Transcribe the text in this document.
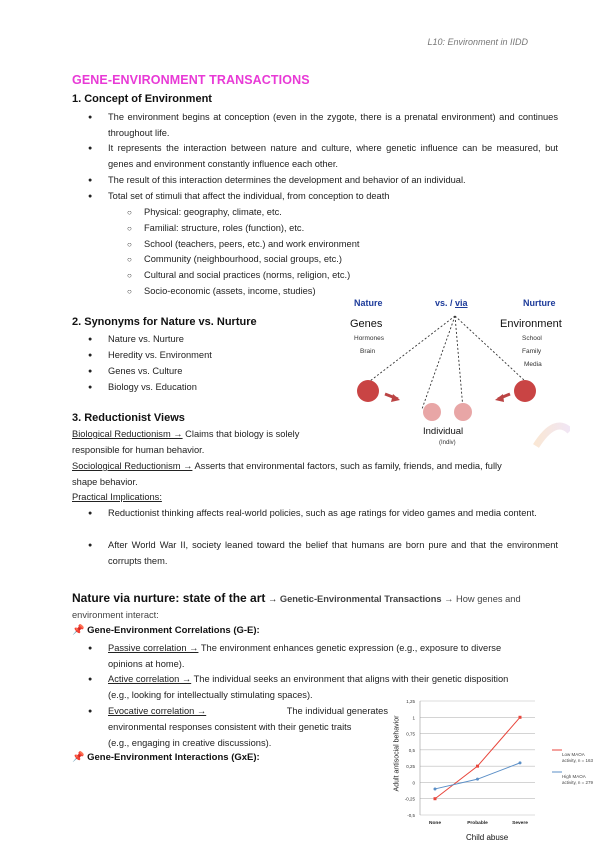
L10: Environment in IIDD
GENE-ENVIRONMENT TRANSACTIONS
1. Concept of Environment
● The environment begins at conception (even in the zygote, there is a prenatal environment) and continues throughout life.
● It represents the interaction between nature and culture, where genetic influence can be measured, but genes and environment constantly influence each other.
● The result of this interaction determines the development and behavior of an individual.
● Total set of stimuli that affect the individual, from conception to death
○ Physical: geography, climate, etc.
○ Familial: structure, roles (function), etc.
○ School (teachers, peers, etc.) and work environment
○ Community (neighbourhood, social groups, etc.)
○ Cultural and social practices (norms, religion, etc.)
○ Socio-economic (assets, income, studies)
2. Synonyms for Nature vs. Nurture
● Nature vs. Nurture
● Heredity vs. Environment
● Genes vs. Culture
● Biology vs. Education
Nature	vs. / via	Nurture
Genes
Hormones
Brain
Environment
School
Family
Media
Individual
(Indiv)
3. Reductionist Views
Biological Reductionism → Claims that biology is solely
responsible for human behavior.
Sociological Reductionism → Asserts that environmental factors, such as family, friends, and media, fully
shape behavior.
Practical Implications:
● Reductionist thinking affects real-world policies, such as age ratings for video games and media content.
● After World War II, society leaned toward the belief that humans are born pure and that the environment corrupts them.
Nature via nurture: state of the art → Genetic-Environmental Transactions → How genes and
environment interact:
📌 Gene-Environment Correlations (G-E):
● Passive correlation → The environment enhances genetic expression (e.g., exposure to diverse
opinions at home).
● Active correlation → The individual seeks an environment that aligns with their genetic disposition
(e.g., looking for intellectually stimulating spaces).
● Evocative correlation →	The individual generates
environmental responses consistent with their genetic traits
(e.g., engaging in creative discussions).
📌 Gene-Environment Interactions (GxE):
1,25
1
0,75
0,5
0,25
0
-0,25
-0,5
None	Probable	Severe
Child abuse
Adult antisocial behavior	Low MAOA activity, n = 163
High MAOA activity, n = 279
